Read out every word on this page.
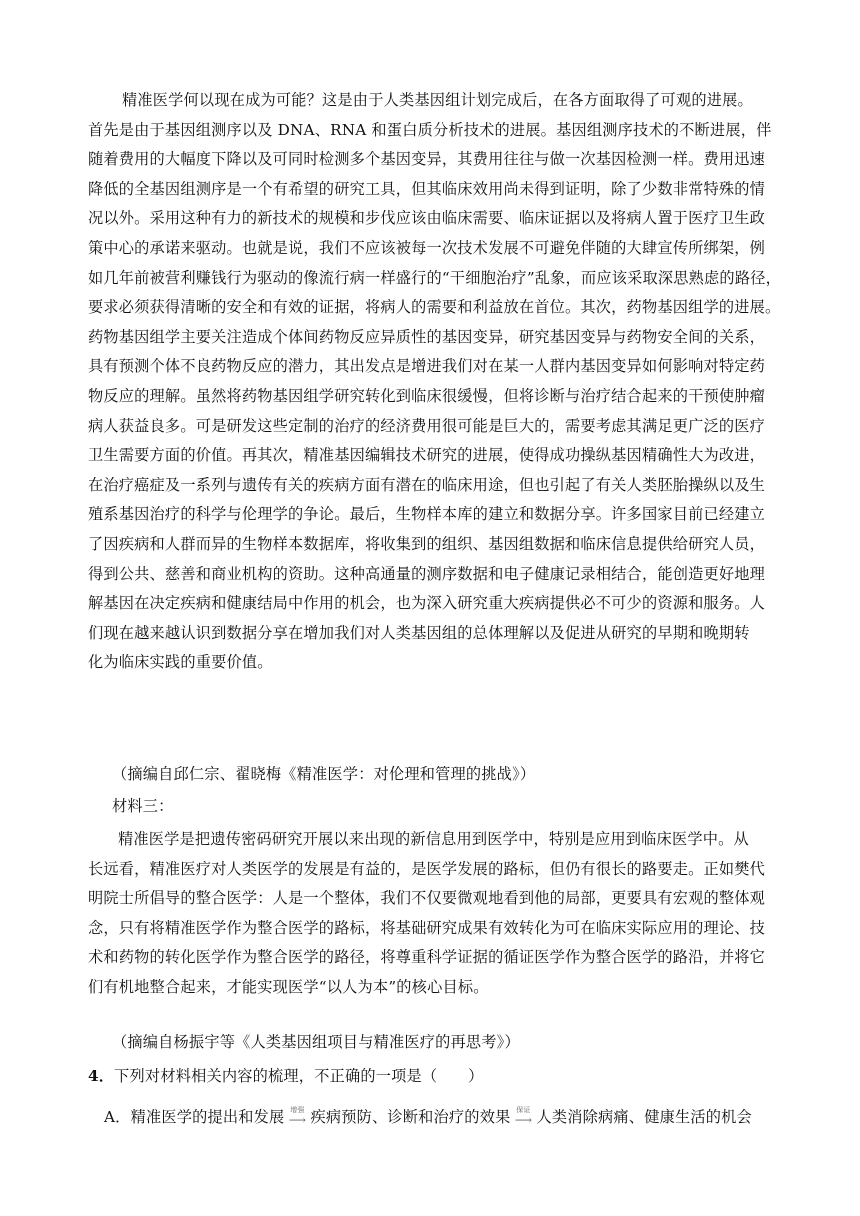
精准医学何以现在成为可能？这是由于人类基因组计划完成后，在各方面取得了可观的进展。
首先是由于基因组测序以及 DNA、RNA 和蛋白质分析技术的进展。基因组测序技术的不断进展，伴
随着费用的大幅度下降以及可同时检测多个基因变异，其费用往往与做一次基因检测一样。费用迅速
降低的全基因组测序是一个有希望的研究工具，但其临床效用尚未得到证明，除了少数非常特殊的情
况以外。采用这种有力的新技术的规模和步伐应该由临床需要、临床证据以及将病人置于医疗卫生政
策中心的承诺来驱动。也就是说，我们不应该被每一次技术发展不可避免伴随的大肆宣传所绑架，例
如几年前被营利赚钱行为驱动的像流行病一样盛行的“干细胞治疗”乱象，而应该采取深思熟虑的路径，
要求必须获得清晰的安全和有效的证据，将病人的需要和利益放在首位。其次，药物基因组学的进展。
药物基因组学主要关注造成个体间药物反应异质性的基因变异，研究基因变异与药物安全间的关系，
具有预测个体不良药物反应的潜力，其出发点是增进我们对在某一人群内基因变异如何影响对特定药
物反应的理解。虽然将药物基因组学研究转化到临床很缓慢，但将诊断与治疗结合起来的干预使肿瘤
病人获益良多。可是研发这些定制的治疗的经济费用很可能是巨大的，需要考虑其满足更广泛的医疗
卫生需要方面的价值。再其次，精准基因编辑技术研究的进展，使得成功操纵基因精确性大为改进，
在治疗癌症及一系列与遗传有关的疾病方面有潜在的临床用途，但也引起了有关人类胚胎操纵以及生
殖系基因治疗的科学与伦理学的争论。最后，生物样本库的建立和数据分享。许多国家目前已经建立
了因疾病和人群而异的生物样本数据库，将收集到的组织、基因组数据和临床信息提供给研究人员，
得到公共、慈善和商业机构的资助。这种高通量的测序数据和电子健康记录相结合，能创造更好地理
解基因在决定疾病和健康结局中作用的机会，也为深入研究重大疾病提供必不可少的资源和服务。人
们现在越来越认识到数据分享在增加我们对人类基因组的总体理解以及促进从研究的早期和晚期转
化为临床实践的重要价值。
（摘编自邱仁宗、翟晓梅《精准医学：对伦理和管理的挑战》）
材料三：
精准医学是把遗传密码研究开展以来出现的新信息用到医学中，特别是应用到临床医学中。从
长远看，精准医疗对人类医学的发展是有益的，是医学发展的路标，但仍有很长的路要走。正如樊代
明院士所倡导的整合医学：人是一个整体，我们不仅要微观地看到他的局部，更要具有宏观的整体观
念，只有将精准医学作为整合医学的路标，将基础研究成果有效转化为可在临床实际应用的理论、技
术和药物的转化医学作为整合医学的路径，将尊重科学证据的循证医学作为整合医学的路沿，并将它
们有机地整合起来，才能实现医学“以人为本”的核心目标。
（摘编自杨振宇等《人类基因组项目与精准医疗的再思考》）
4．下列对材料相关内容的梳理，不正确的一项是（　　）
A．精准医学的提出和发展 增强
⟶ 疾病预防、诊断和治疗的效果 保证
⟶ 人类消除病痛、健康生活的机会
